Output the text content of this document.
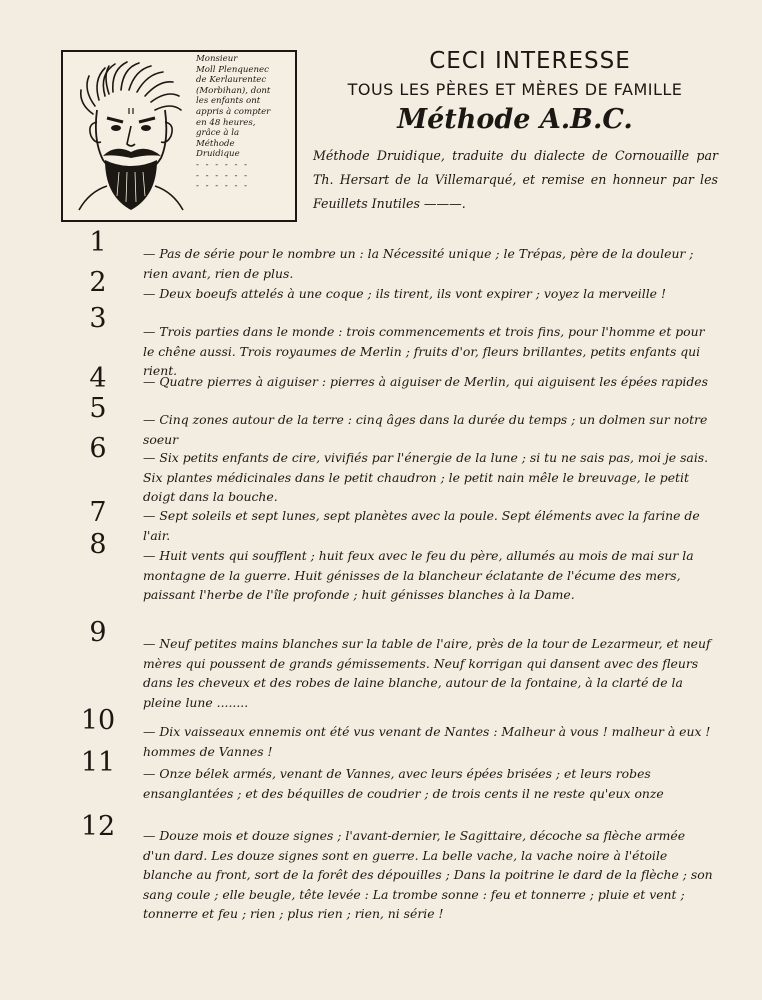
Monsieur
Moll Plenquenec
de Kerlaurentec
(Morbihan), dont
les enfants ont
appris à compter
en 48 heures,
grâce à la
Méthode
Druidique
- - - - - -
- - - - - -
- - - - - -
CECI INTERESSE
TOUS LES PÈRES ET MÈRES DE FAMILLE
Méthode A.B.C.
Méthode Druidique, traduite du dialecte de Cornouaille par Th. Hersart de la Villemarqué, et remise en honneur par les Feuillets Inutiles ———.
1	— Pas de série pour le nombre un : la Nécessité unique ; le Trépas, père de la douleur ; rien avant, rien de plus.
2	— Deux boeufs attelés à une coque ; ils tirent, ils vont expirer ; voyez la merveille !
3	— Trois parties dans le monde : trois commencements et trois fins, pour l'homme et pour le chêne aussi. Trois royaumes de Merlin ; fruits d'or, fleurs brillantes, petits enfants qui rient.
4	— Quatre pierres à aiguiser : pierres à aiguiser de Merlin, qui aiguisent les épées rapides
5	— Cinq zones autour de la terre : cinq âges dans la durée du temps ; un dolmen sur notre soeur
6	— Six petits enfants de cire, vivifiés par l'énergie de la lune ; si tu ne sais pas, moi je sais. Six plantes médicinales dans le petit chaudron ; le petit nain mêle le breuvage, le petit doigt dans la bouche.
7	— Sept soleils et sept lunes, sept planètes avec la poule. Sept éléments avec la farine de l'air.
8	— Huit vents qui soufflent ; huit feux avec le feu du père, allumés au mois de mai sur la montagne de la guerre. Huit génisses de la blancheur éclatante de l'écume des mers, paissant l'herbe de l'île profonde ; huit génisses blanches à la Dame.
9	— Neuf petites mains blanches sur la table de l'aire, près de la tour de Lezarmeur, et neuf mères qui poussent de grands gémissements. Neuf korrigan qui dansent avec des fleurs dans les cheveux et des robes de laine blanche, autour de la fontaine, à la clarté de la pleine lune ........
10 — Dix vaisseaux ennemis ont été vus venant de Nantes : Malheur à vous ! malheur à eux ! hommes de Vannes !
11 — Onze bélek armés, venant de Vannes, avec leurs épées brisées ; et leurs robes ensanglantées ; et des béquilles de coudrier ; de trois cents il ne reste qu'eux onze
12 — Douze mois et douze signes ; l'avant-dernier, le Sagittaire, décoche sa flèche armée d'un dard. Les douze signes sont en guerre. La belle vache, la vache noire à l'étoile blanche au front, sort de la forêt des dépouilles ; Dans la poitrine le dard de la flèche ; son sang coule ; elle beugle, tête levée : La trombe sonne : feu et tonnerre ; pluie et vent ; tonnerre et feu ; rien ; plus rien ; rien, ni série !
